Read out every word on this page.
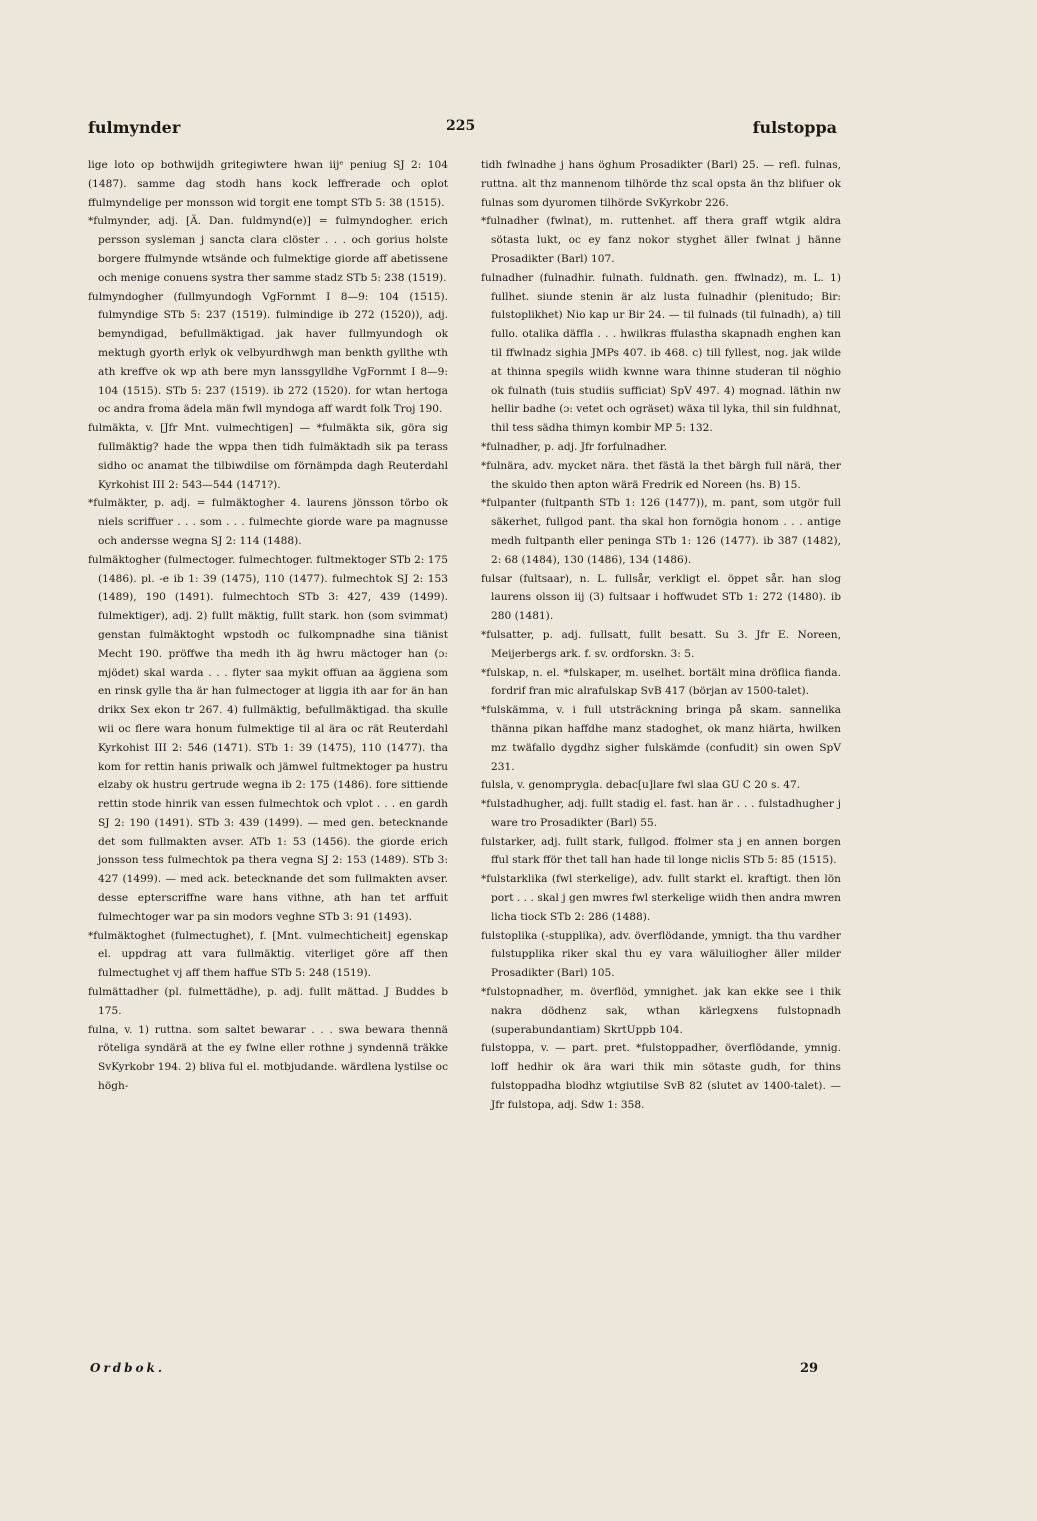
fulmynder	225	fulstoppa

lige loto op bothwijdh gritegiwtere hwan iijᵉ peniug SJ 2: 104 (1487). samme dag stodh hans kock leffrerade och oplot ffulmyndelige per monsson wid torgit ene tompt STb 5: 38 (1515).

*fulmynder, adj. [Ä. Dan. fuldmynd(e)] = fulmyndogher. erich persson sysleman j sancta clara clöster . . . och gorius holste borgere ffulmynde wtsände och fulmektige giorde aff abetissene och menige conuens systra ther samme stadz STb 5: 238 (1519).

fulmyndogher (fullmyundogh VgFornmt I 8—9: 104 (1515). fulmyndige STb 5: 237 (1519). fulmindige ib 272 (1520)), adj. bemyndigad, befullmäktigad. jak haver fullmyundogh ok mektugh gyorth erlyk ok velbyurdhwgh man benkth gyllthe wth ath kreffve ok wp ath bere myn lanssgylldhe VgFornmt I 8—9: 104 (1515). STb 5: 237 (1519). ib 272 (1520). for wtan hertoga oc andra froma ädela män fwll myndoga aff wardt folk Troj 190.

fulmäkta, v. [Jfr Mnt. vulmechtigen] — *fulmäkta sik, göra sig fullmäktig? hade the wppa then tidh fulmäktadh sik pa terass sidho oc anamat the tilbiwdilse om förnämpda dagh Reuterdahl Kyrkohist III 2: 543—544 (1471?).

*fulmäkter, p. adj. = fulmäktogher 4. laurens jönsson törbo ok niels scriffuer . . . som . . . fulmechte giorde ware pa magnusse och andersse wegna SJ 2: 114 (1488).

fulmäktogher (fulmectoger. fulmechtoger. fultmektoger STb 2: 175 (1486). pl. -e ib 1: 39 (1475), 110 (1477). fulmechtok SJ 2: 153 (1489), 190 (1491). fulmechtoch STb 3: 427, 439 (1499). fulmektiger), adj. 2) fullt mäktig, fullt stark. hon (som svimmat) genstan fulmäktoght wpstodh oc fulkompnadhe sina tiänist Mecht 190. pröffwe tha medh ith äg hwru mäctoger han (ɔ: mjödet) skal warda . . . flyter saa mykit offuan aa äggiena som en rinsk gylle tha är han fulmectoger at liggia ith aar for än han drikx Sex ekon tr 267. 4) fullmäktig, befullmäktigad. tha skulle wii oc flere wara honum fulmektige til al ära oc rät Reuterdahl Kyrkohist III 2: 546 (1471). STb 1: 39 (1475), 110 (1477). tha kom for rettin hanis priwalk och jämwel fultmektoger pa hustru elzaby ok hustru gertrude wegna ib 2: 175 (1486). fore sittiende rettin stode hinrik van essen fulmechtok och vplot . . . en gardh SJ 2: 190 (1491). STb 3: 439 (1499). — med gen. betecknande det som fullmakten avser. ATb 1: 53 (1456). the giorde erich jonsson tess fulmechtok pa thera vegna SJ 2: 153 (1489). STb 3: 427 (1499). — med ack. betecknande det som fullmakten avser. desse epterscriffne ware hans vithne, ath han tet arffuit fulmechtoger war pa sin modors veghne STb 3: 91 (1493).

*fulmäktoghet (fulmectughet), f. [Mnt. vulmechticheit] egenskap el. uppdrag att vara fullmäktig. viterliget göre aff then fulmectughet vj aff them haffue STb 5: 248 (1519).

fulmättadher (pl. fulmettädhe), p. adj. fullt mättad. J Buddes b 175.

fulna, v. 1) ruttna. som saltet bewarar . . . swa bewara thennä röteliga syndärä at the ey fwlne eller rothne j syndennä träkke SvKyrkobr 194. 2) bliva ful el. motbjudande. wärdlena lystilse oc högh-

tidh fwlnadhe j hans öghum Prosadikter (Barl) 25. — refl. fulnas, ruttna. alt thz mannenom tilhörde thz scal opsta än thz blifuer ok fulnas som dyuromen tilhörde SvKyrkobr 226.

*fulnadher (fwlnat), m. ruttenhet. aff thera graff wtgik aldra sötasta lukt, oc ey fanz nokor styghet äller fwlnat j hänne Prosadikter (Barl) 107.

fulnadher (fulnadhir. fulnath. fuldnath. gen. ffwlnadz), m. L. 1) fullhet. siunde stenin är alz lusta fulnadhir (plenitudo; Bir: fulstoplikhet) Nio kap ur Bir 24. — til fulnads (til fulnadh), a) till fullo. otalika däffla . . . hwilkras ffulastha skapnadh enghen kan til ffwlnadz sighia JMPs 407. ib 468. c) till fyllest, nog. jak wilde at thinna spegils wiidh kwnne wara thinne studeran til nöghio ok fulnath (tuis studiis sufficiat) SpV 497. 4) mognad. läthin nw hellir badhe (ɔ: vetet och ogräset) wäxa til lyka, thil sin fuldhnat, thil tess sädha thimyn kombir MP 5: 132.

*fulnadher, p. adj. Jfr forfulnadher.

*fulnära, adv. mycket nära. thet fästä la thet bärgh full närä, ther the skuldo then apton wärä Fredrik ed Noreen (hs. B) 15.

*fulpanter (fultpanth STb 1: 126 (1477)), m. pant, som utgör full säkerhet, fullgod pant. tha skal hon fornögia honom . . . antige medh fultpanth eller peninga STb 1: 126 (1477). ib 387 (1482), 2: 68 (1484), 130 (1486), 134 (1486).

fulsar (fultsaar), n. L. fullsår, verkligt el. öppet sår. han slog laurens olsson iij (3) fultsaar i hoffwudet STb 1: 272 (1480). ib 280 (1481).

*fulsatter, p. adj. fullsatt, fullt besatt. Su 3. Jfr E. Noreen, Meijerbergs ark. f. sv. ordforskn. 3: 5.

*fulskap, n. el. *fulskaper, m. uselhet. bortält mina dröflica fianda. fordrif fran mic alrafulskap SvB 417 (början av 1500-talet).

*fulskämma, v. i full utsträckning bringa på skam. sannelika thänna pikan haffdhe manz stadoghet, ok manz hiärta, hwilken mz twäfallo dygdhz sigher fulskämde (confudit) sin owen SpV 231.

fulsla, v. genomprygla. debac[u]lare fwl slaa GU C 20 s. 47.

*fulstadhugher, adj. fullt stadig el. fast. han är . . . fulstadhugher j ware tro Prosadikter (Barl) 55.

fulstarker, adj. fullt stark, fullgod. ffolmer sta j en annen borgen fful stark fför thet tall han hade til longe niclis STb 5: 85 (1515).

*fulstarklika (fwl sterkelige), adv. fullt starkt el. kraftigt. then lön port . . . skal j gen mwres fwl sterkelige wiidh then andra mwren licha tiock STb 2: 286 (1488).

fulstoplika (-stupplika), adv. överflödande, ymnigt. tha thu vardher fulstupplika riker skal thu ey vara wäluiliogher äller milder Prosadikter (Barl) 105.

*fulstopnadher, m. överflöd, ymnighet. jak kan ekke see i thik nakra dödhenz sak, wthan kärlegxens fulstopnadh (superabundantiam) SkrtUppb 104.

fulstoppa, v. — part. pret. *fulstoppadher, överflödande, ymnig. loff hedhir ok ära wari thik min sötaste gudh, for thins fulstoppadha blodhz wtgiutilse SvB 82 (slutet av 1400-talet). — Jfr fulstopa, adj. Sdw 1: 358.

Ordbok.	29
